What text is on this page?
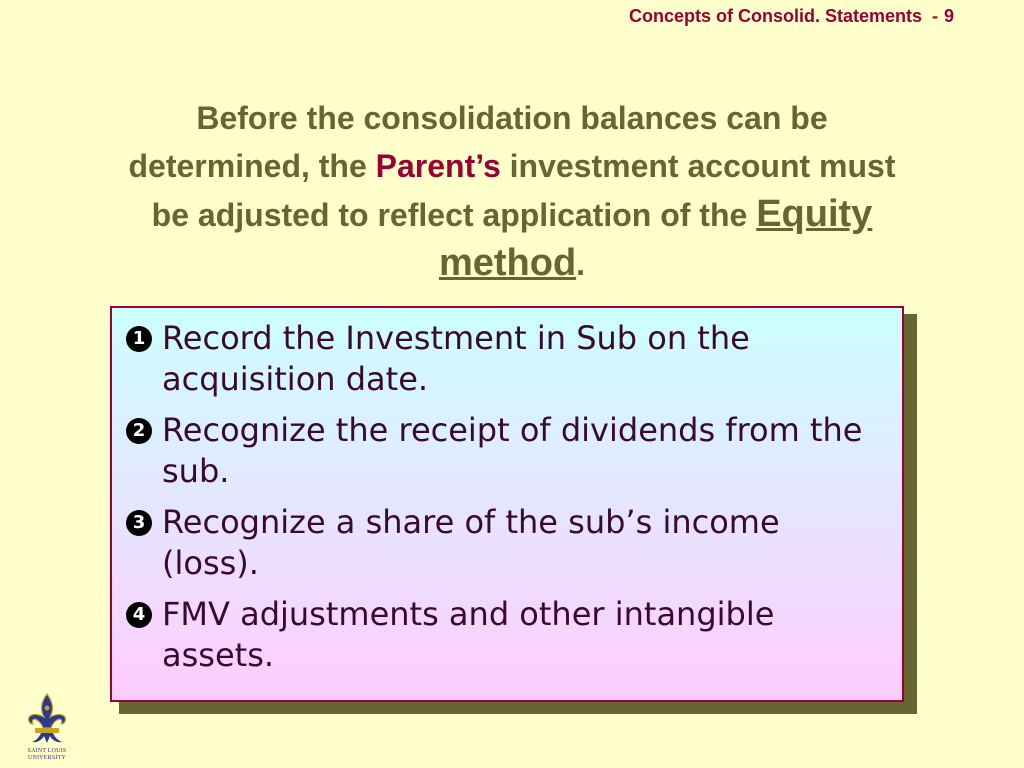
Concepts of Consolid. Statements - 9
Before the consolidation balances can be determined, the Parent’s investment account must be adjusted to reflect application of the Equity method.
1 Record the Investment in Sub on the acquisition date.
2 Recognize the receipt of dividends from the sub.
3 Recognize a share of the sub’s income (loss).
4 FMV adjustments and other intangible assets.
SAINT LOUIS
UNIVERSITY
